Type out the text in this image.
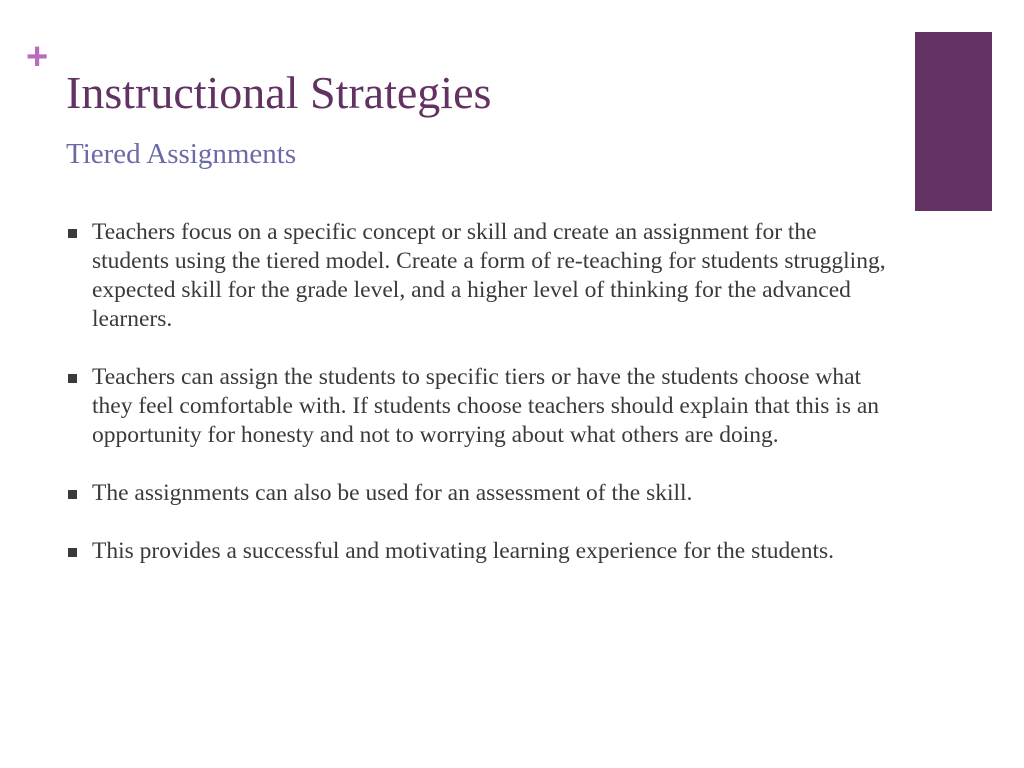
+
Instructional Strategies
Tiered Assignments
Teachers focus on a specific concept or skill and create an assignment for the students using the tiered model. Create a form of re-teaching for students struggling, expected skill for the grade level, and a higher level of thinking for the advanced learners.
Teachers can assign the students to specific tiers or have the students choose what they feel comfortable with. If students choose teachers should explain that this is an opportunity for honesty and not to worrying about what others are doing.
The assignments can also be used for an assessment of the skill.
This provides a successful and motivating learning experience for the students.
